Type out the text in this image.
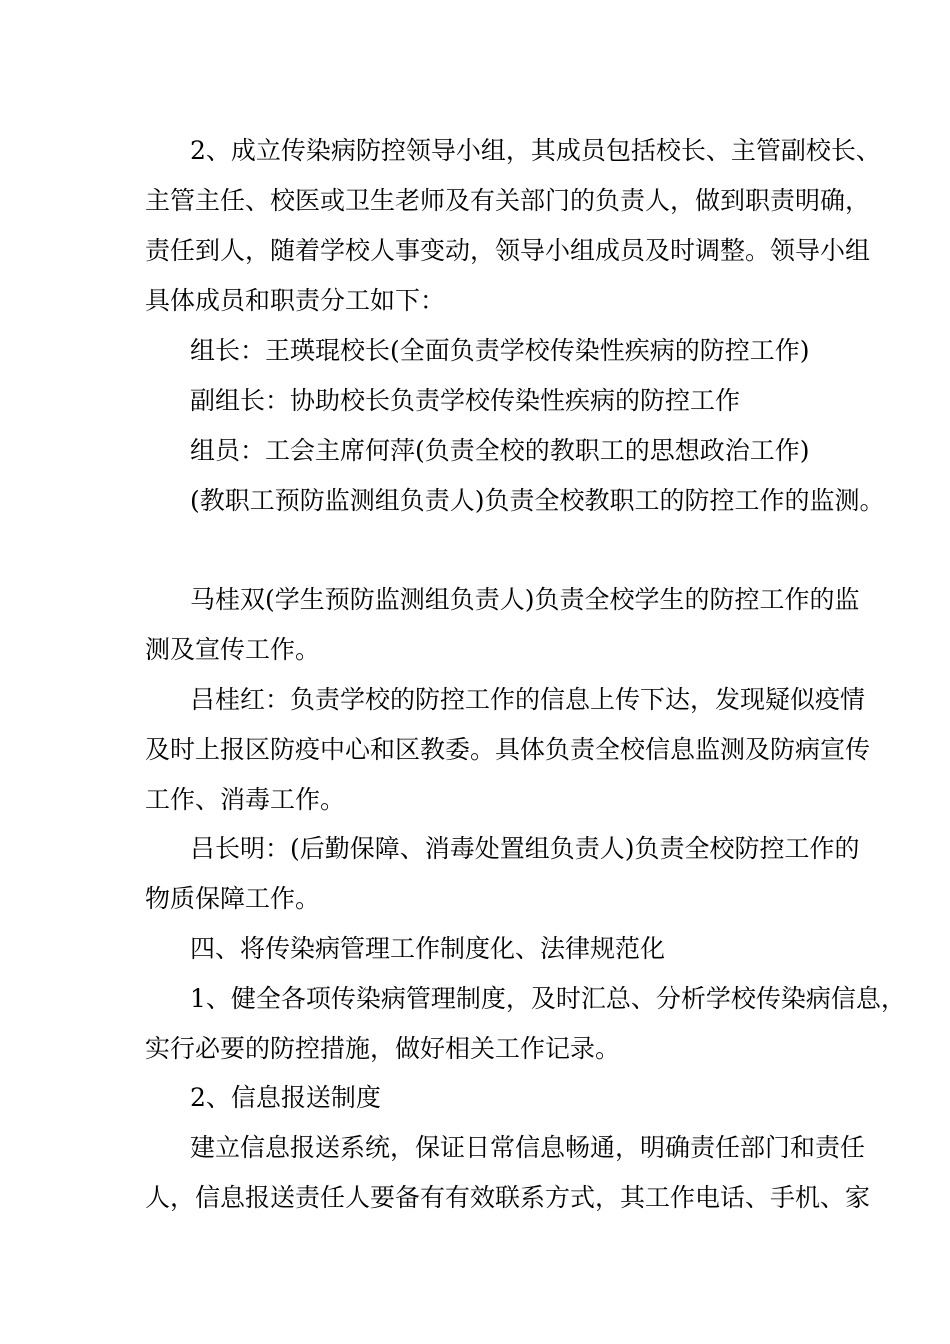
2、成立传染病防控领导小组，其成员包括校长、主管副校长、
主管主任、校医或卫生老师及有关部门的负责人，做到职责明确，
责任到人，随着学校人事变动，领导小组成员及时调整。领导小组
具体成员和职责分工如下：
组长：王瑛琨校长(全面负责学校传染性疾病的防控工作)
副组长：协助校长负责学校传染性疾病的防控工作
组员：工会主席何萍(负责全校的教职工的思想政治工作)
(教职工预防监测组负责人)负责全校教职工的防控工作的监测。
马桂双(学生预防监测组负责人)负责全校学生的防控工作的监
测及宣传工作。
吕桂红：负责学校的防控工作的信息上传下达，发现疑似疫情
及时上报区防疫中心和区教委。具体负责全校信息监测及防病宣传
工作、消毒工作。
吕长明：(后勤保障、消毒处置组负责人)负责全校防控工作的
物质保障工作。
四、将传染病管理工作制度化、法律规范化
1、健全各项传染病管理制度，及时汇总、分析学校传染病信息，
实行必要的防控措施，做好相关工作记录。
2、信息报送制度
建立信息报送系统，保证日常信息畅通，明确责任部门和责任
人，信息报送责任人要备有有效联系方式，其工作电话、手机、家
